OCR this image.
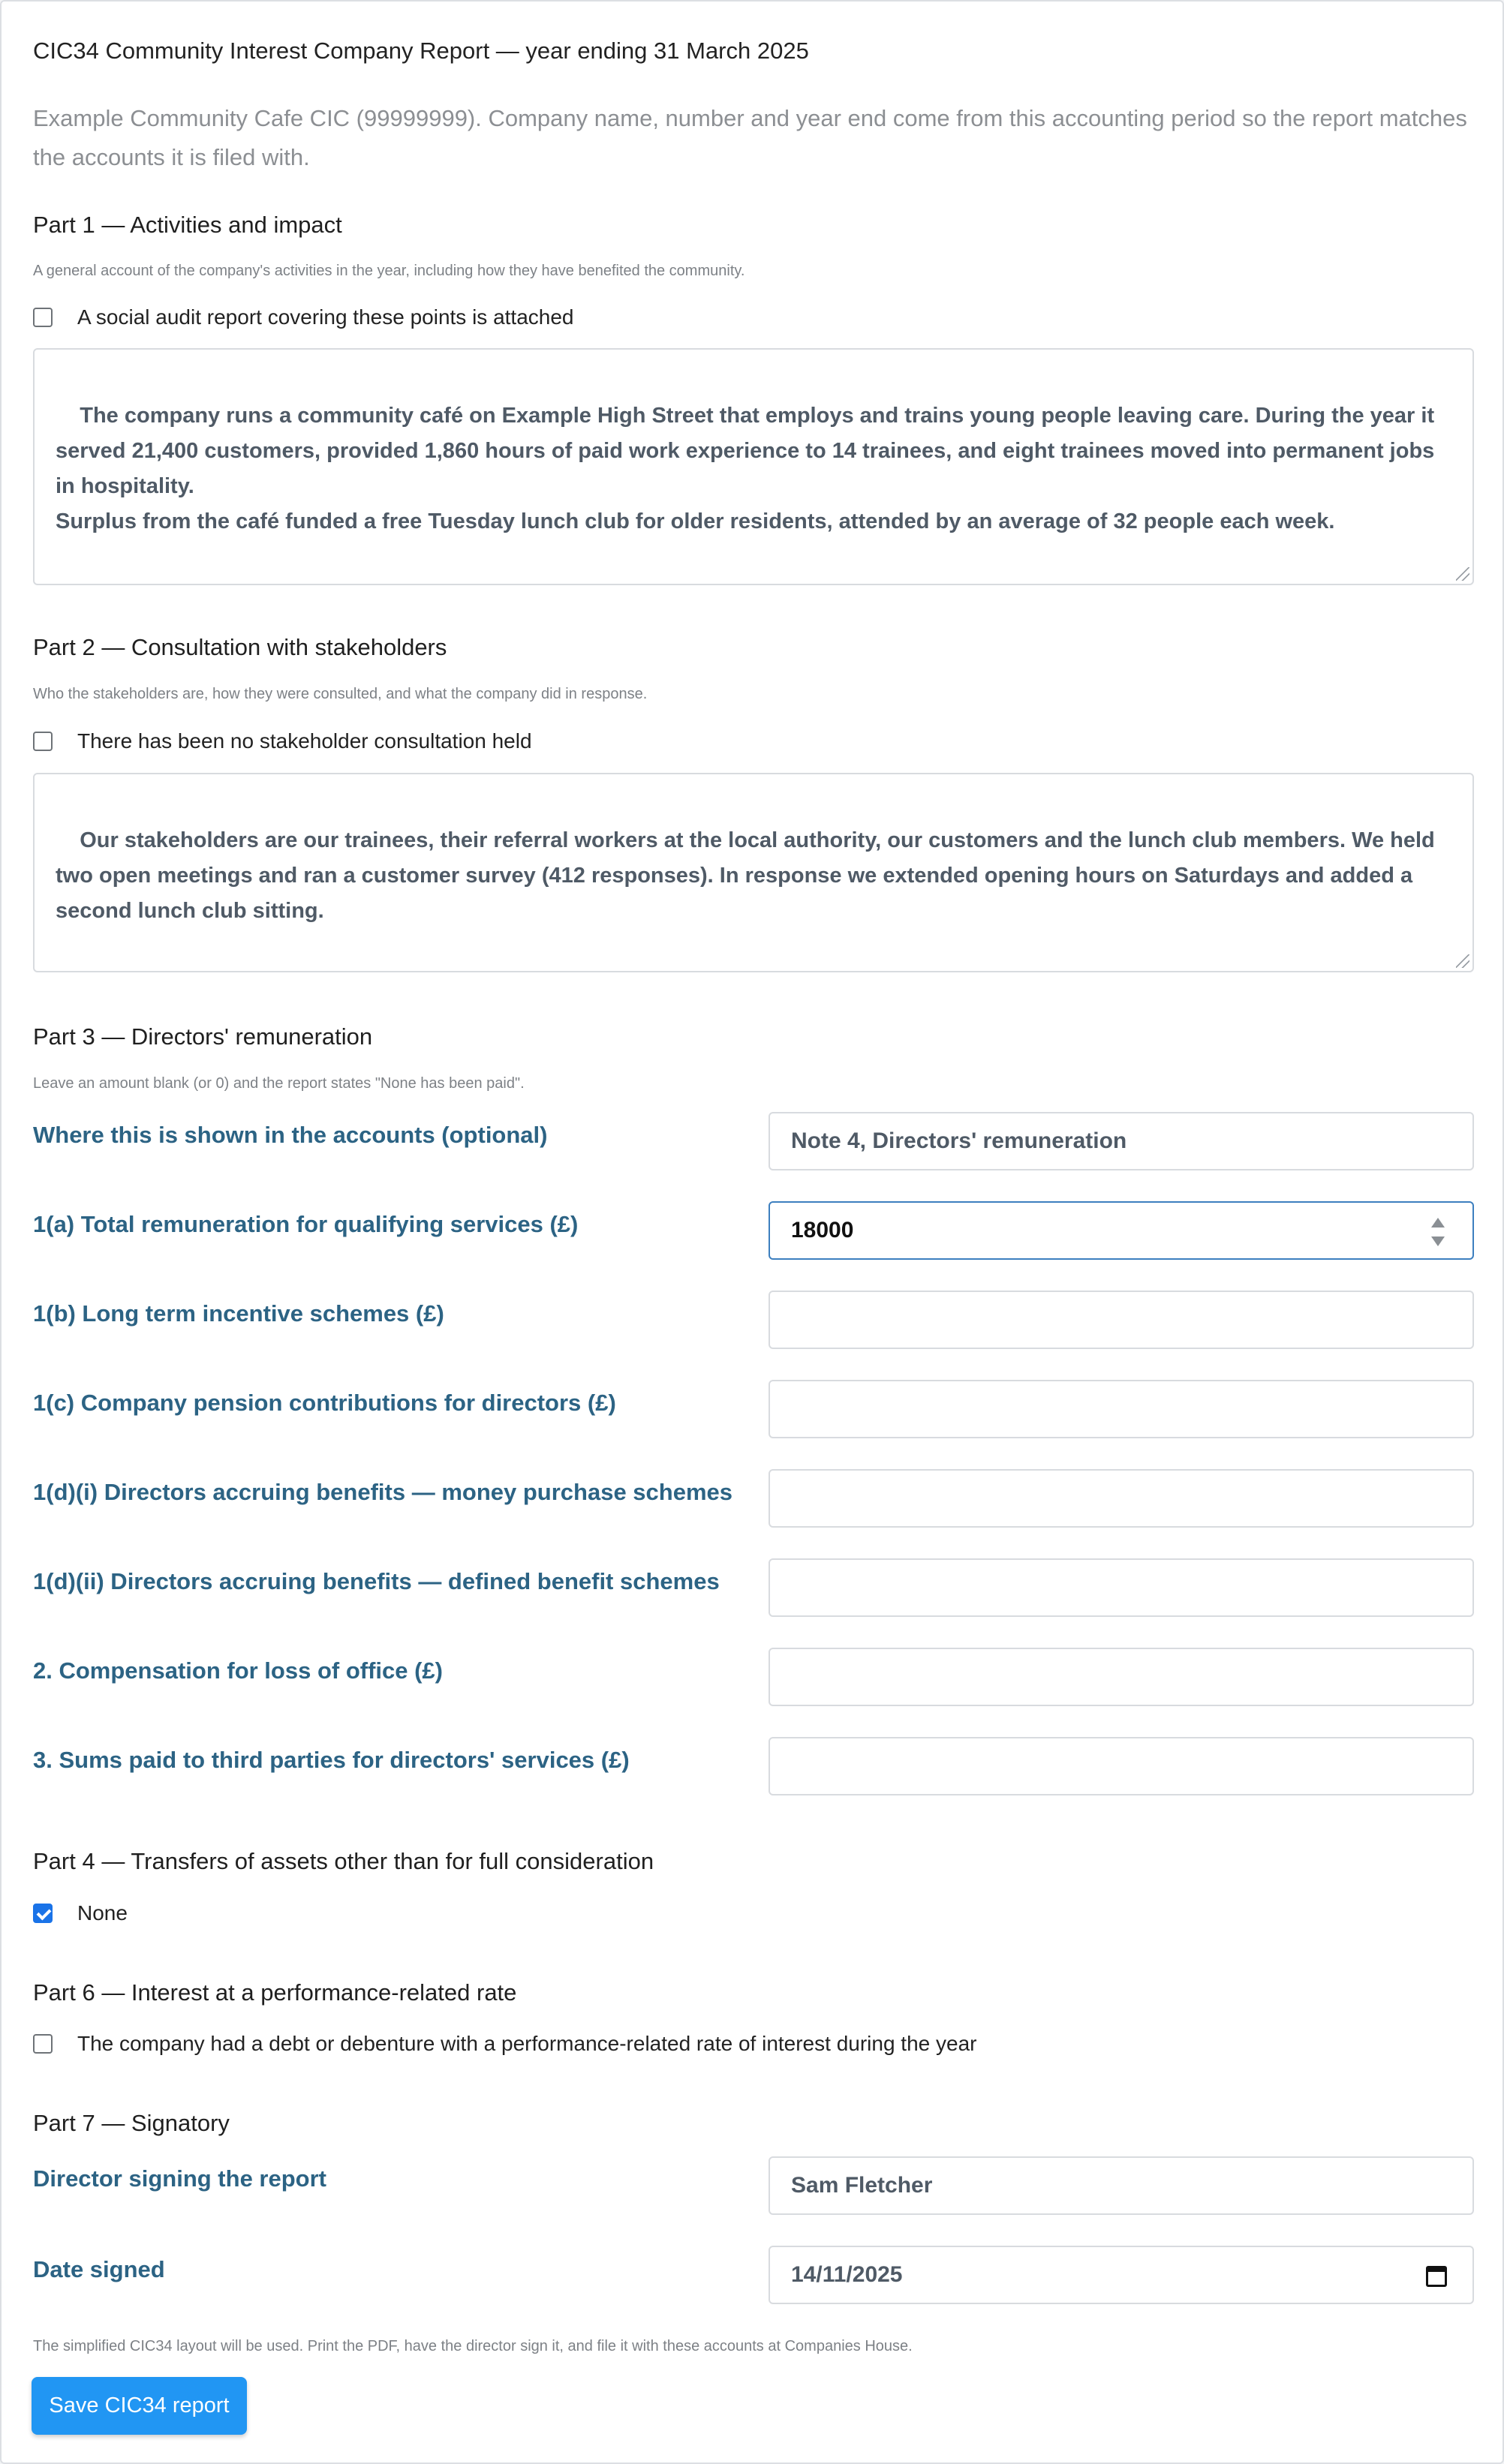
CIC34 Community Interest Company Report — year ending 31 March 2025
Example Community Cafe CIC (99999999). Company name, number and year end come from this accounting period so the report matches the accounts it is filed with.
Part 1 — Activities and impact
A general account of the company's activities in the year, including how they have benefited the community.
A social audit report covering these points is attached

The company runs a community café on Example High Street that employs and trains young people leaving care. During the year it served 21,400 customers, provided 1,860 hours of paid work experience to 14 trainees, and eight trainees moved into permanent jobs in hospitality.
Surplus from the café funded a free Tuesday lunch club for older residents, attended by an average of 32 people each week.

Part 2 — Consultation with stakeholders
Who the stakeholders are, how they were consulted, and what the company did in response.
There has been no stakeholder consultation held

Our stakeholders are our trainees, their referral workers at the local authority, our customers and the lunch club members. We held two open meetings and ran a customer survey (412 responses). In response we extended opening hours on Saturdays and added a second lunch club sitting.

Part 3 — Directors' remuneration
Leave an amount blank (or 0) and the report states "None has been paid".
Where this is shown in the accounts (optional)	Note 4, Directors' remuneration
1(a) Total remuneration for qualifying services (£)	18000
1(b) Long term incentive schemes (£)
1(c) Company pension contributions for directors (£)
1(d)(i) Directors accruing benefits — money purchase schemes
1(d)(ii) Directors accruing benefits — defined benefit schemes
2. Compensation for loss of office (£)
3. Sums paid to third parties for directors' services (£)
Part 4 — Transfers of assets other than for full consideration
None
Part 6 — Interest at a performance-related rate
The company had a debt or debenture with a performance-related rate of interest during the year
Part 7 — Signatory
Director signing the report	Sam Fletcher
Date signed	14/11/2025
The simplified CIC34 layout will be used. Print the PDF, have the director sign it, and file it with these accounts at Companies House.
Save CIC34 report
